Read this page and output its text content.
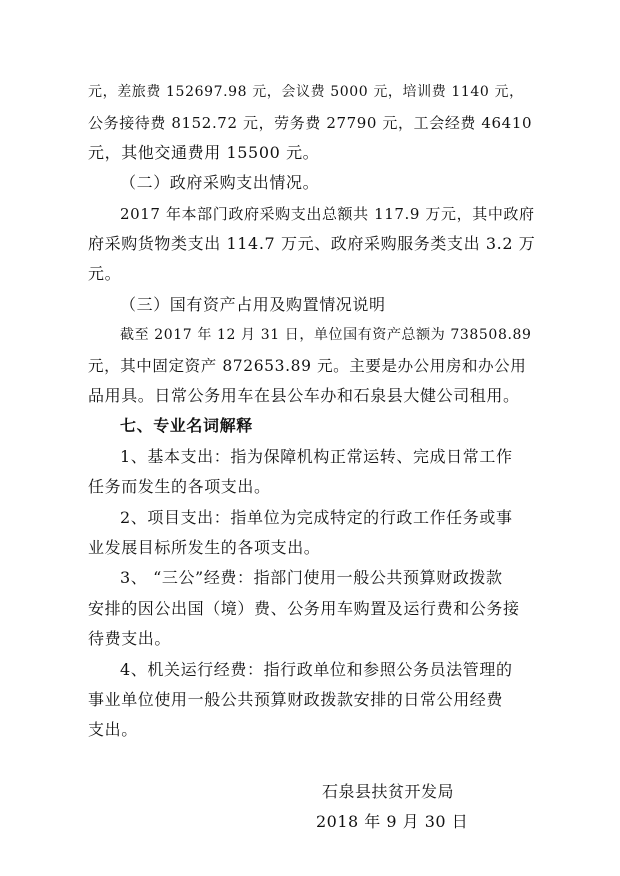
元，差旅费 152697.98 元，会议费 5000 元，培训费 1140 元，
公务接待费 8152.72 元，劳务费 27790 元，工会经费 46410
元，其他交通费用 15500 元。
（二）政府采购支出情况。
2017 年本部门政府采购支出总额共 117.9 万元，其中政府
府采购货物类支出 114.7 万元、政府采购服务类支出 3.2 万
元。
（三）国有资产占用及购置情况说明
截至 2017 年 12 月 31 日，单位国有资产总额为 738508.89
元，其中固定资产 872653.89 元。主要是办公用房和办公用
品用具。日常公务用车在县公车办和石泉县大健公司租用。
七、专业名词解释
1、基本支出：指为保障机构正常运转、完成日常工作
任务而发生的各项支出。
2、项目支出：指单位为完成特定的行政工作任务或事
业发展目标所发生的各项支出。
3、 “三公”经费：指部门使用一般公共预算财政拨款
安排的因公出国（境）费、公务用车购置及运行费和公务接
待费支出。
4、机关运行经费：指行政单位和参照公务员法管理的
事业单位使用一般公共预算财政拨款安排的日常公用经费
支出。
石泉县扶贫开发局
2018 年 9 月 30 日
